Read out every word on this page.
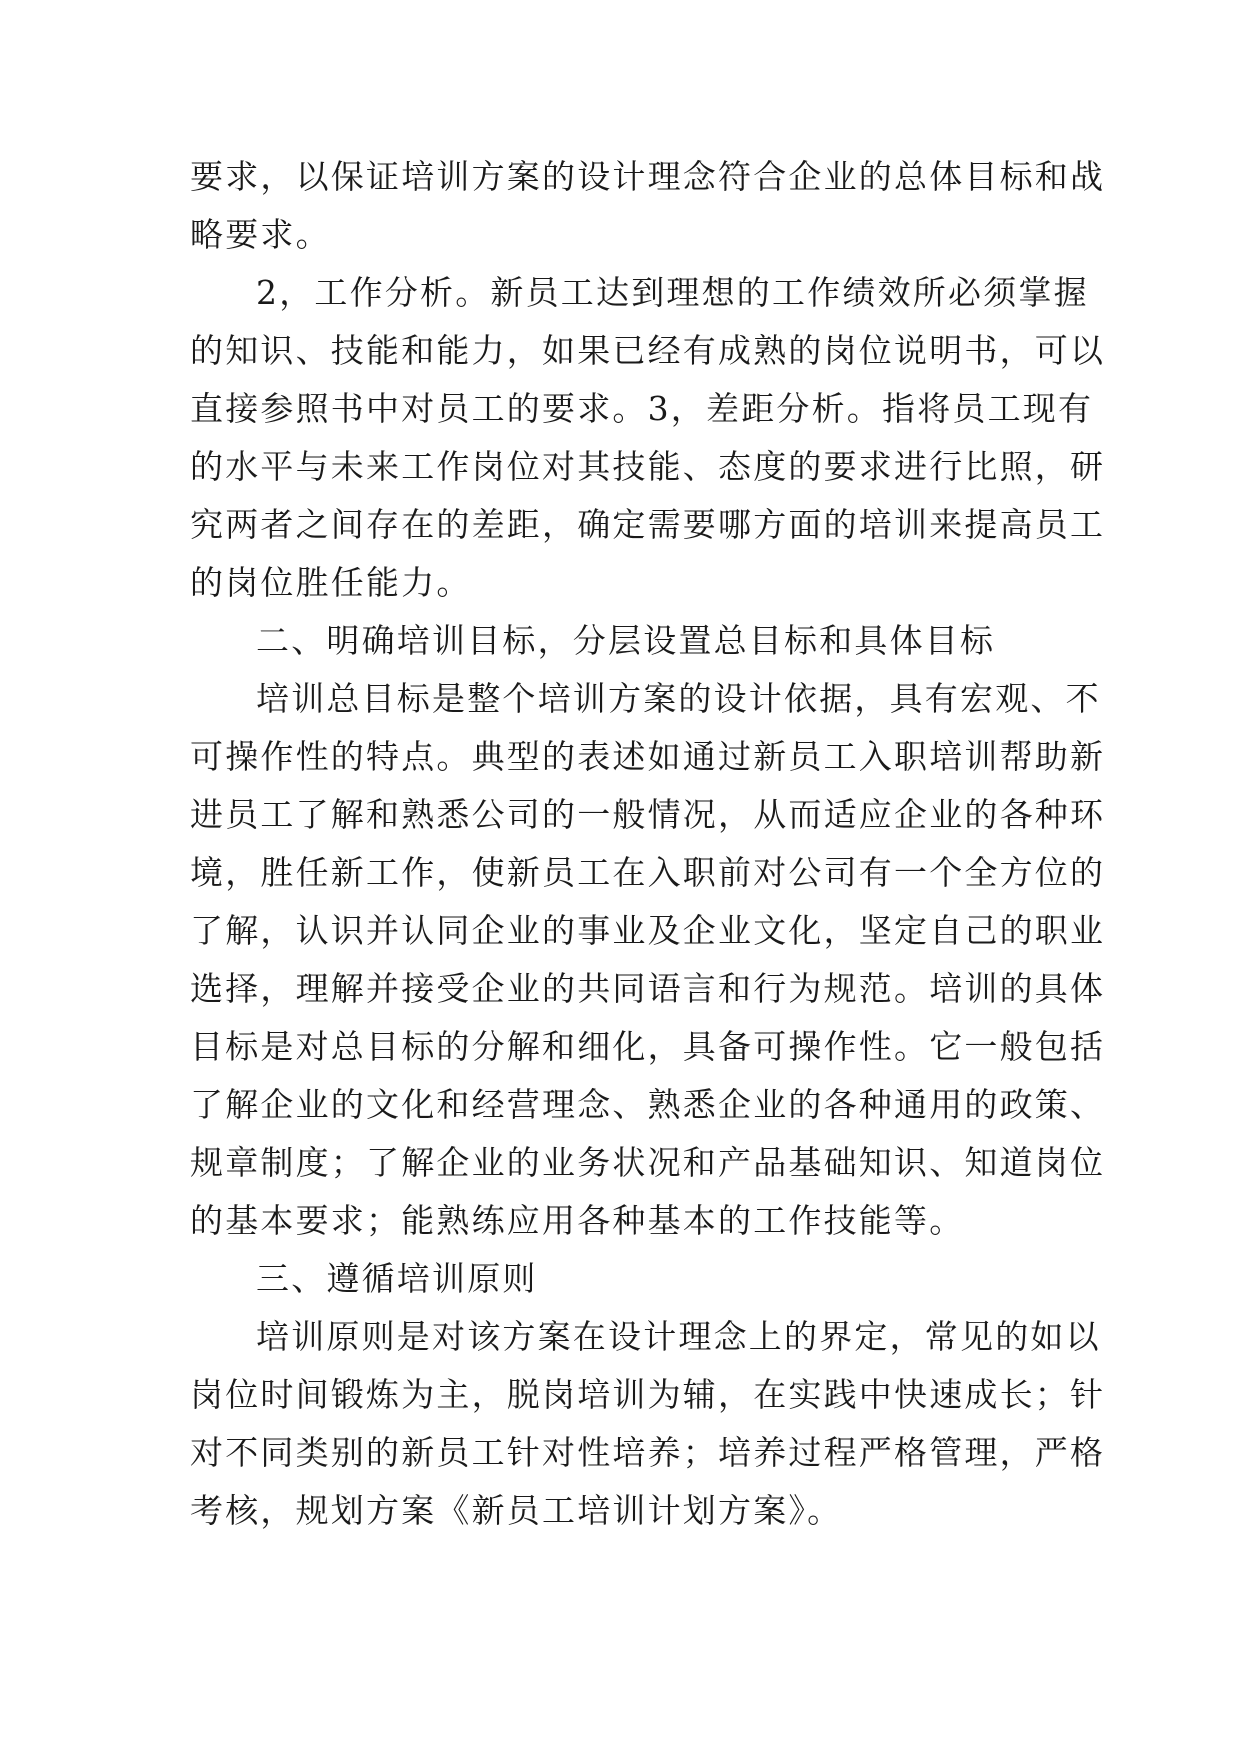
要求，以保证培训方案的设计理念符合企业的总体目标和战
略要求。
2，工作分析。新员工达到理想的工作绩效所必须掌握
的知识、技能和能力，如果已经有成熟的岗位说明书，可以
直接参照书中对员工的要求。3，差距分析。指将员工现有
的水平与未来工作岗位对其技能、态度的要求进行比照，研
究两者之间存在的差距，确定需要哪方面的培训来提高员工
的岗位胜任能力。
二、明确培训目标，分层设置总目标和具体目标
培训总目标是整个培训方案的设计依据，具有宏观、不
可操作性的特点。典型的表述如通过新员工入职培训帮助新
进员工了解和熟悉公司的一般情况，从而适应企业的各种环
境，胜任新工作，使新员工在入职前对公司有一个全方位的
了解，认识并认同企业的事业及企业文化，坚定自己的职业
选择，理解并接受企业的共同语言和行为规范。培训的具体
目标是对总目标的分解和细化，具备可操作性。它一般包括
了解企业的文化和经营理念、熟悉企业的各种通用的政策、
规章制度；了解企业的业务状况和产品基础知识、知道岗位
的基本要求；能熟练应用各种基本的工作技能等。
三、遵循培训原则
培训原则是对该方案在设计理念上的界定，常见的如以
岗位时间锻炼为主，脱岗培训为辅，在实践中快速成长；针
对不同类别的新员工针对性培养；培养过程严格管理，严格
考核，规划方案《新员工培训计划方案》。
